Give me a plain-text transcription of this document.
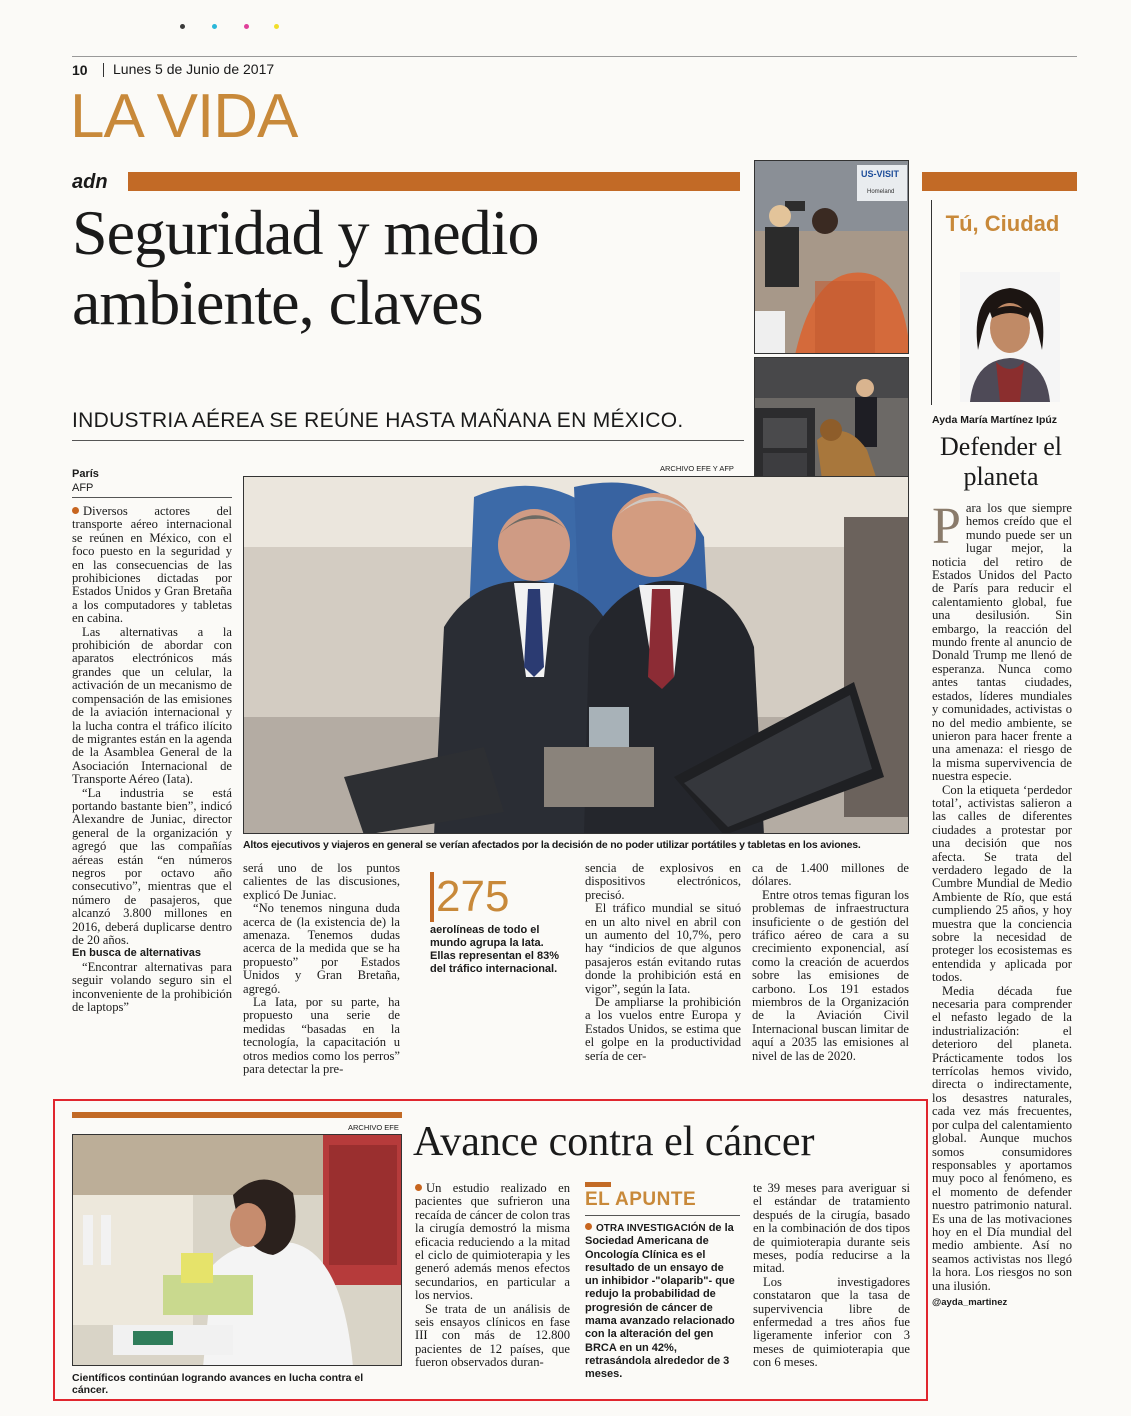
10 Lunes 5 de Junio de 2017
LA VIDA
adn
Seguridad y medio ambiente, claves
INDUSTRIA AÉREA SE REÚNE HASTA MAÑANA EN MÉXICO.
US-VISIT
Homeland
Tú, Ciudad
Ayda María Martínez Ipúz
Defender el planeta

Para los que siempre hemos creído que el mundo puede ser un lugar mejor, la noticia del retiro de Estados Unidos del Pacto de París para reducir el calentamiento global, fue una desilusión. Sin embargo, la reacción del mundo frente al anuncio de Donald Trump me llenó de esperanza. Nunca como antes tantas ciudades, estados, líderes mundiales y comunidades, activistas o no del medio ambiente, se unieron para hacer frente a una amenaza: el riesgo de la misma supervivencia de nuestra especie.

Con la etiqueta ‘perdedor total’, activistas salieron a las calles de diferentes ciudades a protestar por una decisión que nos afecta. Se trata del verdadero legado de la Cumbre Mundial de Medio Ambiente de Río, que está cumpliendo 25 años, y hoy muestra que la conciencia sobre la necesidad de proteger los ecosistemas es entendida y aplicada por todos.

Media década fue necesaria para comprender el nefasto legado de la industrialización: el deterioro del planeta. Prácticamente todos los terrícolas hemos vivido, directa o indirectamente, los desastres naturales, cada vez más frecuentes, por culpa del calentamiento global. Aunque muchos somos consumidores responsables y aportamos muy poco al fenómeno, es el momento de defender nuestro patrimonio natural. Es una de las motivaciones hoy en el Día mundial del medio ambiente. Así no seamos activistas nos llegó la hora. Los riesgos no son una ilusión.

@ayda_martinez

París
AFP

Diversos actores del transporte aéreo internacional se reúnen en México, con el foco puesto en la seguridad y en las consecuencias de las prohibiciones dictadas por Estados Unidos y Gran Bretaña a los computadores y tabletas en cabina.

Las alternativas a la prohibición de abordar con aparatos electrónicos más grandes que un celular, la activación de un mecanismo de compensación de las emisiones de la aviación internacional y la lucha contra el tráfico ilícito de migrantes están en la agenda de la Asamblea General de la Asociación Internacional de Transporte Aéreo (Iata).

“La industria se está portando bastante bien”, indicó Alexandre de Juniac, director general de la organización y agregó que las compañías aéreas están “en números negros por octavo año consecutivo”, mientras que el número de pasajeros, que alcanzó 3.800 millones en 2016, deberá duplicarse dentro de 20 años.

En busca de alternativas

“Encontrar alternativas para seguir volando seguro sin el inconveniente de la prohibición de laptops”

ARCHIVO EFE Y AFP
Altos ejecutivos y viajeros en general se verían afectados por la decisión de no poder utilizar portátiles y tabletas en los aviones.

será uno de los puntos calientes de las discusiones, explicó De Juniac.

“No tenemos ninguna duda acerca de (la existencia de) la amenaza. Tenemos dudas acerca de la medida que se ha propuesto” por Estados Unidos y Gran Bretaña, agregó.

La Iata, por su parte, ha propuesto una serie de medidas “basadas en la tecnología, la capacitación u otros medios como los perros” para detectar la pre-

275
aerolíneas de todo el mundo agrupa la Iata. Ellas representan el 83% del tráfico internacional.

sencia de explosivos en dispositivos electrónicos, precisó.

El tráfico mundial se situó en un alto nivel en abril con un aumento del 10,7%, pero hay “indicios de que algunos pasajeros están evitando rutas donde la prohibición está en vigor”, según la Iata.

De ampliarse la prohibición a los vuelos entre Europa y Estados Unidos, se estima que el golpe en la productividad sería de cer-

ca de 1.400 millones de dólares.

Entre otros temas figuran los problemas de infraestructura insuficiente o de gestión del tráfico aéreo de cara a su crecimiento exponencial, así como la creación de acuerdos sobre las emisiones de carbono. Los 191 estados miembros de la Organización de la Aviación Civil Internacional buscan limitar de aquí a 2035 las emisiones al nivel de las de 2020.

ARCHIVO EFE
Científicos continúan logrando avances en lucha contra el cáncer.
Avance contra el cáncer

Un estudio realizado en pacientes que sufrieron una recaída de cáncer de colon tras la cirugía demostró la misma eficacia reduciendo a la mitad el ciclo de quimioterapia y les generó además menos efectos secundarios, en particular a los nervios.

Se trata de un análisis de seis ensayos clínicos en fase III con más de 12.800 pacientes de 12 países, que fueron observados duran-

EL APUNTE
OTRA INVESTIGACIÓN de la Sociedad Americana de Oncología Clínica es el resultado de un ensayo de un inhibidor -"olaparib"- que redujo la probabilidad de progresión de cáncer de mama avanzado relacionado con la alteración del gen BRCA en un 42%, retrasándola alrededor de 3 meses.

te 39 meses para averiguar si el estándar de tratamiento después de la cirugía, basado en la combinación de dos tipos de quimioterapia durante seis meses, podía reducirse a la mitad.

Los investigadores constataron que la tasa de supervivencia libre de enfermedad a tres años fue ligeramente inferior con 3 meses de quimioterapia que con 6 meses.
